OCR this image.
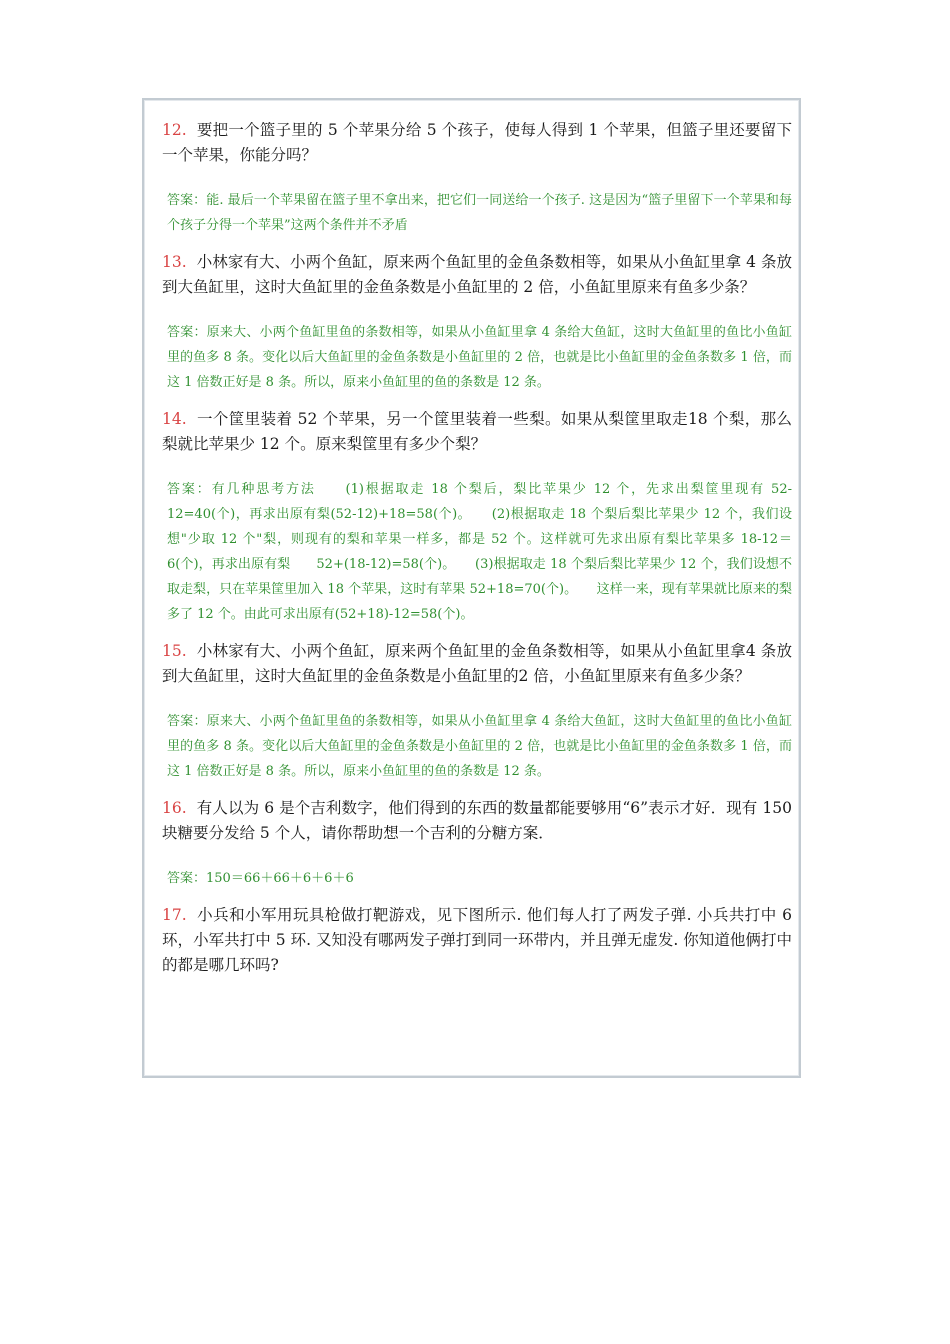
12. 要把一个篮子里的 5 个苹果分给 5 个孩子，使每人得到 1 个苹果，但篮子里还要留下一个苹果，你能分吗？

答案：能. 最后一个苹果留在篮子里不拿出来，把它们一同送给一个孩子. 这是因为“篮子里留下一个苹果和每个孩子分得一个苹果”这两个条件并不矛盾

13. 小林家有大、小两个鱼缸，原来两个鱼缸里的金鱼条数相等，如果从小鱼缸里拿 4 条放到大鱼缸里，这时大鱼缸里的金鱼条数是小鱼缸里的 2 倍，小鱼缸里原来有鱼多少条？

答案：原来大、小两个鱼缸里鱼的条数相等，如果从小鱼缸里拿 4 条给大鱼缸，这时大鱼缸里的鱼比小鱼缸里的鱼多 8 条。变化以后大鱼缸里的金鱼条数是小鱼缸里的 2 倍，也就是比小鱼缸里的金鱼条数多 1 倍，而这 1 倍数正好是 8 条。所以，原来小鱼缸里的鱼的条数是 12 条。

14. 一个筐里装着 52 个苹果，另一个筐里装着一些梨。如果从梨筐里取走18 个梨，那么梨就比苹果少 12 个。原来梨筐里有多少个梨？

答案：有几种思考方法　　(1)根据取走 18 个梨后，梨比苹果少 12 个，先求出梨筐里现有 52-12=40(个)，再求出原有梨(52-12)+18=58(个)。　　(2)根据取走 18 个梨后梨比苹果少 12 个，我们设想"少取 12 个"梨，则现有的梨和苹果一样多，都是 52 个。这样就可先求出原有梨比苹果多 18-12＝6(个)，再求出原有梨　　52+(18-12)=58(个)。　　(3)根据取走 18 个梨后梨比苹果少 12 个，我们设想不取走梨，只在苹果筐里加入 18 个苹果，这时有苹果 52+18=70(个)。　　这样一来，现有苹果就比原来的梨多了 12 个。由此可求出原有(52+18)-12=58(个)。

15. 小林家有大、小两个鱼缸，原来两个鱼缸里的金鱼条数相等，如果从小鱼缸里拿4 条放到大鱼缸里，这时大鱼缸里的金鱼条数是小鱼缸里的2 倍，小鱼缸里原来有鱼多少条？

答案：原来大、小两个鱼缸里鱼的条数相等，如果从小鱼缸里拿 4 条给大鱼缸，这时大鱼缸里的鱼比小鱼缸里的鱼多 8 条。变化以后大鱼缸里的金鱼条数是小鱼缸里的 2 倍，也就是比小鱼缸里的金鱼条数多 1 倍，而这 1 倍数正好是 8 条。所以，原来小鱼缸里的鱼的条数是 12 条。

16. 有人以为 6 是个吉利数字，他们得到的东西的数量都能要够用“6”表示才好．现有 150 块糖要分发给 5 个人，请你帮助想一个吉利的分糖方案．

答案：150＝66＋66＋6＋6＋6

17. 小兵和小军用玩具枪做打靶游戏，见下图所示. 他们每人打了两发子弹. 小兵共打中 6 环，小军共打中 5 环. 又知没有哪两发子弹打到同一环带内，并且弹无虚发. 你知道他俩打中的都是哪几环吗?
